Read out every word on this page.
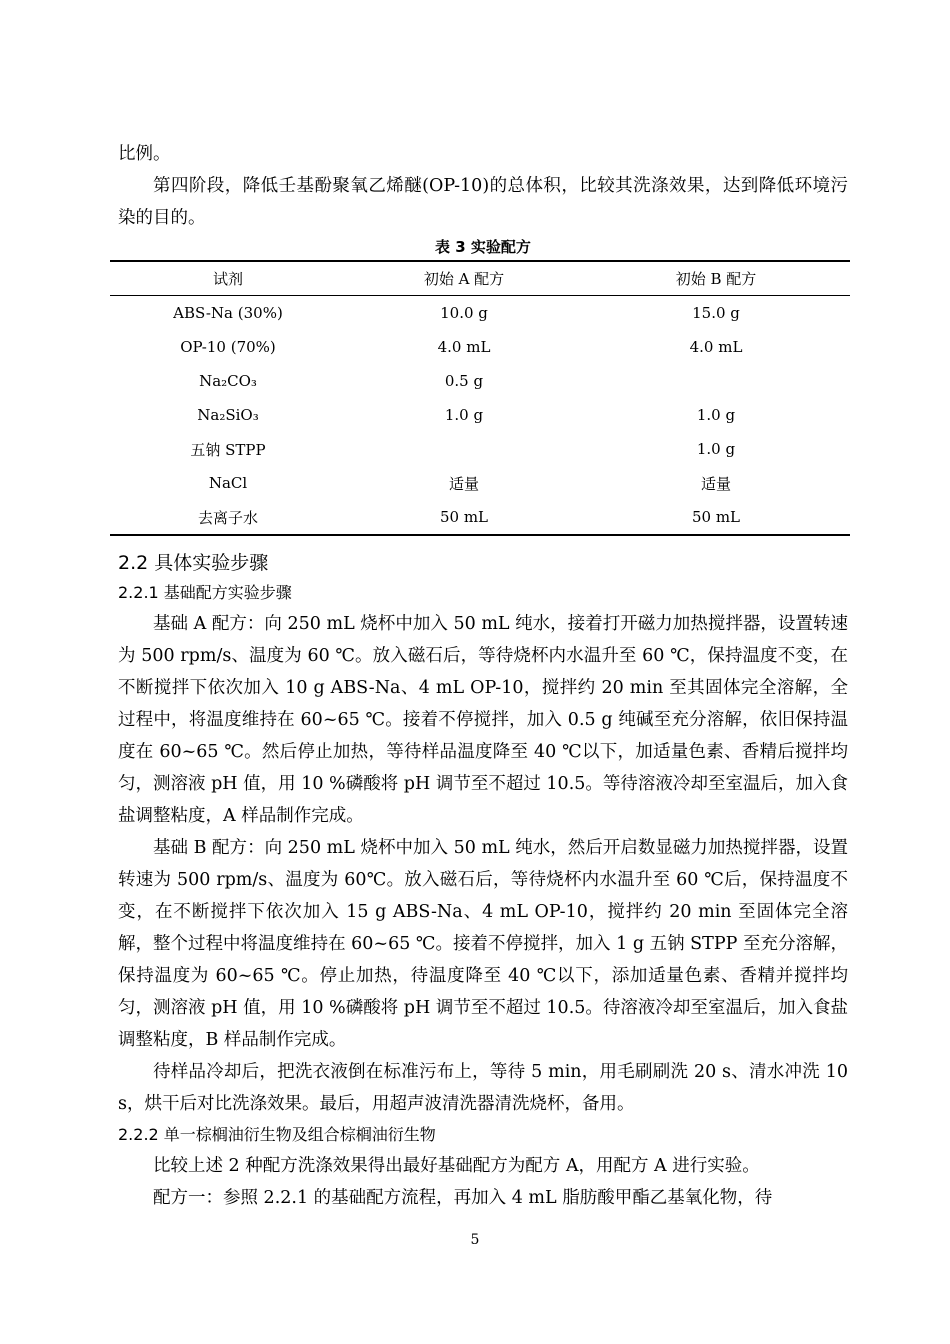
比例。

第四阶段，降低壬基酚聚氧乙烯醚(OP-10)的总体积，比较其洗涤效果，达到降低环境污染的目的。

表 3 实验配方
试剂	初始 A 配方	初始 B 配方
ABS-Na (30%)	10.0 g	15.0 g
OP-10 (70%)	4.0 mL	4.0 mL
Na₂CO₃	0.5 g	
Na₂SiO₃	1.0 g	1.0 g
五钠 STPP		1.0 g
NaCl	适量	适量
去离子水	50 mL	50 mL
2.2 具体实验步骤
2.2.1 基础配方实验步骤

基础 A 配方：向 250 mL 烧杯中加入 50 mL 纯水，接着打开磁力加热搅拌器，设置转速为 500 rpm/s、温度为 60 ℃。放入磁石后，等待烧杯内水温升至 60 ℃，保持温度不变，在不断搅拌下依次加入 10 g ABS-Na、4 mL OP-10，搅拌约 20 min 至其固体完全溶解，全过程中，将温度维持在 60~65 ℃。接着不停搅拌，加入 0.5 g 纯碱至充分溶解，依旧保持温度在 60~65 ℃。然后停止加热，等待样品温度降至 40 ℃以下，加适量色素、香精后搅拌均匀，测溶液 pH 值，用 10 %磷酸将 pH 调节至不超过 10.5。等待溶液冷却至室温后，加入食盐调整粘度，A 样品制作完成。

基础 B 配方：向 250 mL 烧杯中加入 50 mL 纯水，然后开启数显磁力加热搅拌器，设置转速为 500 rpm/s、温度为 60℃。放入磁石后，等待烧杯内水温升至 60 ℃后，保持温度不变，在不断搅拌下依次加入 15 g ABS-Na、4 mL OP-10，搅拌约 20 min 至固体完全溶解，整个过程中将温度维持在 60~65 ℃。接着不停搅拌，加入 1 g 五钠 STPP 至充分溶解，保持温度为 60~65 ℃。停止加热，待温度降至 40 ℃以下，添加适量色素、香精并搅拌均匀，测溶液 pH 值，用 10 %磷酸将 pH 调节至不超过 10.5。待溶液冷却至室温后，加入食盐调整粘度，B 样品制作完成。

待样品冷却后，把洗衣液倒在标准污布上，等待 5 min，用毛刷刷洗 20 s、清水冲洗 10 s，烘干后对比洗涤效果。最后，用超声波清洗器清洗烧杯，备用。

2.2.2 单一棕榈油衍生物及组合棕榈油衍生物

比较上述 2 种配方洗涤效果得出最好基础配方为配方 A，用配方 A 进行实验。

配方一：参照 2.2.1 的基础配方流程，再加入 4 mL 脂肪酸甲酯乙基氧化物，待

5
